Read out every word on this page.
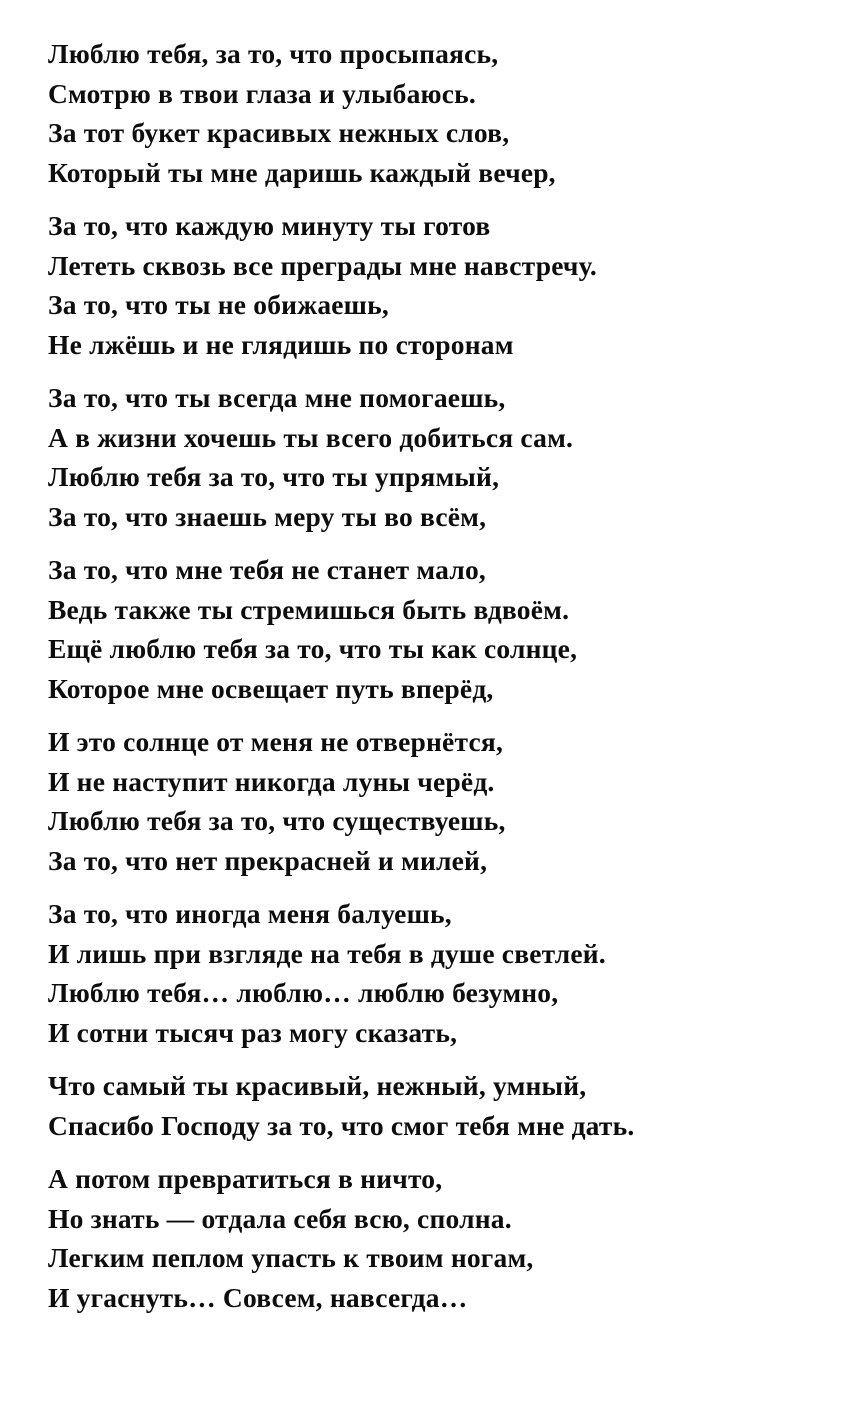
Люблю тебя, за то, что просыпаясь,
Смотрю в твои глаза и улыбаюсь.
За тот букет красивых нежных слов,
Который ты мне даришь каждый вечер,
За то, что каждую минуту ты готов
Лететь сквозь все преграды мне навстречу.
За то, что ты не обижаешь,
Не лжёшь и не глядишь по сторонам
За то, что ты всегда мне помогаешь,
А в жизни хочешь ты всего добиться сам.
Люблю тебя за то, что ты упрямый,
За то, что знаешь меру ты во всём,
За то, что мне тебя не станет мало,
Ведь также ты стремишься быть вдвоём.
Ещё люблю тебя за то, что ты как солнце,
Которое мне освещает путь вперёд,
И это солнце от меня не отвернётся,
И не наступит никогда луны черёд.
Люблю тебя за то, что существуешь,
За то, что нет прекрасней и милей,
За то, что иногда меня балуешь,
И лишь при взгляде на тебя в душе светлей.
Люблю тебя… люблю… люблю безумно,
И сотни тысяч раз могу сказать,
Что самый ты красивый, нежный, умный,
Спасибо Господу за то, что смог тебя мне дать.
А потом превратиться в ничто,
Но знать — отдала себя всю, сполна.
Легким пеплом упасть к твоим ногам,
И угаснуть… Совсем, навсегда…
